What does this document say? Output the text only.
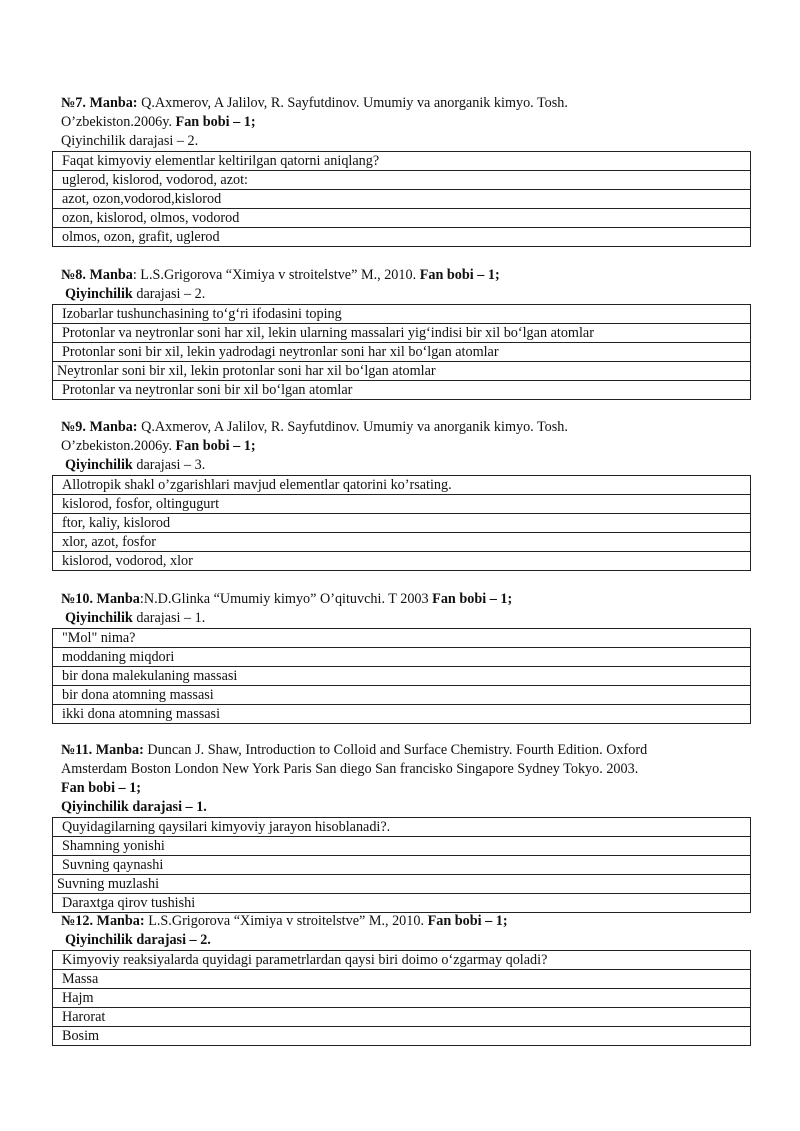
№7. Manba: Q.Axmerov, A Jalilov, R. Sayfutdinov. Umumiy va anorganik kimyo. Tosh.
O’zbekiston.2006y. Fan bobi – 1;
Qiyinchilik darajasi – 2.
Faqat kimyoviy elementlar keltirilgan qatorni aniqlang?
uglerod, kislorod, vodorod, azot:
azot, ozon,vodorod,kislorod
ozon, kislorod, olmos, vodorod
olmos, ozon, grafit, uglerod
№8. Manba: L.S.Grigorova “Ximiya v stroitelstve” M., 2010. Fan bobi – 1;
Qiyinchilik darajasi – 2.
Izobarlar tushunchasining to‘g‘ri ifodasini toping
Protonlar va neytronlar soni har xil, lekin ularning massalari yig‘indisi bir xil bo‘lgan atomlar
Protonlar soni bir xil, lekin yadrodagi neytronlar soni har xil bo‘lgan atomlar
Neytronlar soni bir xil, lekin protonlar soni har xil bo‘lgan atomlar
Protonlar va neytronlar soni bir xil bo‘lgan atomlar
№9. Manba: Q.Axmerov, A Jalilov, R. Sayfutdinov. Umumiy va anorganik kimyo. Tosh.
O’zbekiston.2006y. Fan bobi – 1;
Qiyinchilik darajasi – 3.
Allotropik shakl o’zgarishlari mavjud elementlar qatorini ko’rsating.
kislorod, fosfor, oltingugurt
ftor, kaliy, kislorod
xlor, azot, fosfor
kislorod, vodorod, xlor
№10. Manba:N.D.Glinka “Umumiy kimyo” O’qituvchi. T 2003 Fan bobi – 1;
Qiyinchilik darajasi – 1.
"Mol" nima?
moddaning miqdori
bir dona malekulaning massasi
bir dona atomning massasi
ikki dona atomning massasi
№11. Manba: Duncan J. Shaw, Introduction to Colloid and Surface Chemistry. Fourth Edition. Oxford
Amsterdam Boston London New York Paris San diego San francisko Singapore Sydney Tokyo. 2003.
Fan bobi – 1;
Qiyinchilik darajasi – 1.
Quyidagilarning qaysilari kimyoviy jarayon hisoblanadi?.
Shamning yonishi
Suvning qaynashi
Suvning muzlashi
Daraxtga qirov tushishi
№12. Manba: L.S.Grigorova “Ximiya v stroitelstve” M., 2010. Fan bobi – 1;
Qiyinchilik darajasi – 2.
Kimyoviy reaksiyalarda quyidagi parametrlardan qaysi biri doimo o‘zgarmay qoladi?
Massa
Hajm
Harorat
Bosim
